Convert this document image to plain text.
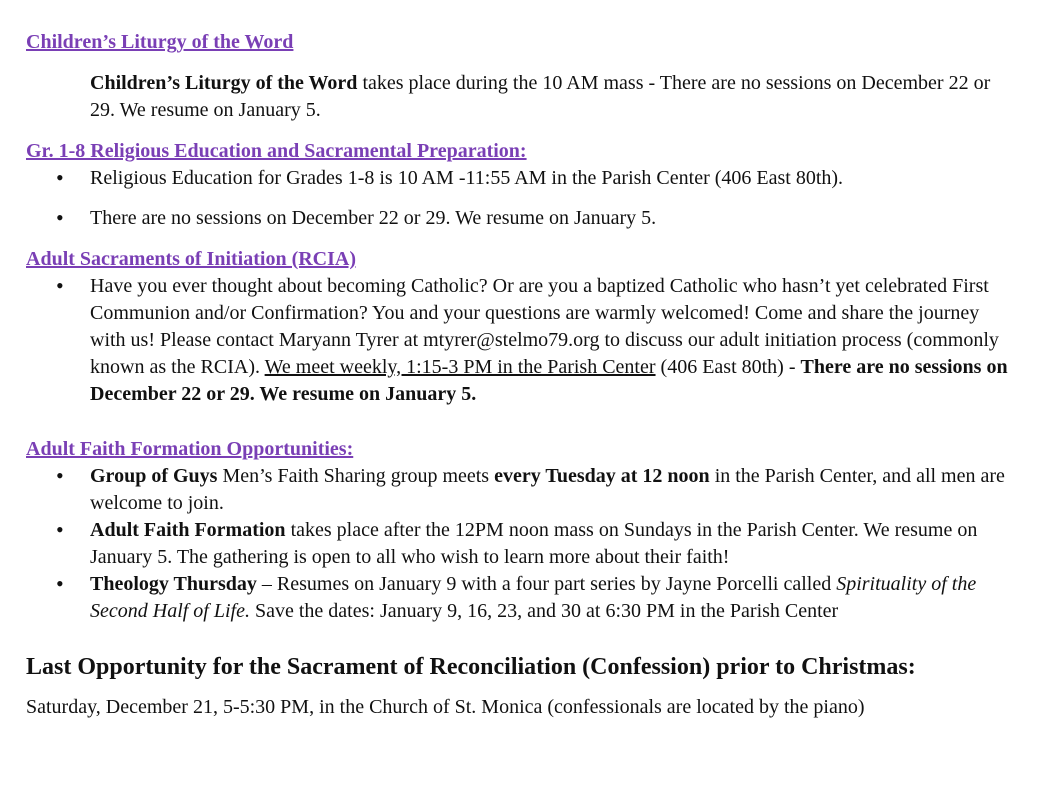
Children’s Liturgy of the Word

Children’s Liturgy of the Word takes place during the 10 AM mass - There are no sessions on December 22 or 29. We resume on January 5.

Gr. 1-8 Religious Education and Sacramental Preparation:
• Religious Education for Grades 1-8 is 10 AM -11:55 AM in the Parish Center (406 East 80th).
• There are no sessions on December 22 or 29. We resume on January 5.
Adult Sacraments of Initiation (RCIA)
• Have you ever thought about becoming Catholic? Or are you a baptized Catholic who hasn’t yet celebrated First Communion and/or Confirmation? You and your questions are warmly welcomed! Come and share the journey with us! Please contact Maryann Tyrer at mtyrer@stelmo79.org to discuss our adult initiation process (commonly known as the RCIA). We meet weekly, 1:15-3 PM in the Parish Center (406 East 80th) - There are no sessions on December 22 or 29. We resume on January 5.
Adult Faith Formation Opportunities:
• Group of Guys Men’s Faith Sharing group meets every Tuesday at 12 noon in the Parish Center, and all men are welcome to join.
• Adult Faith Formation takes place after the 12PM noon mass on Sundays in the Parish Center. We resume on January 5. The gathering is open to all who wish to learn more about their faith!
• Theology Thursday – Resumes on January 9 with a four part series by Jayne Porcelli called Spirituality of the Second Half of Life. Save the dates: January 9, 16, 23, and 30 at 6:30 PM in the Parish Center

Last Opportunity for the Sacrament of Reconciliation (Confession) prior to Christmas:

Saturday, December 21, 5-5:30 PM, in the Church of St. Monica (confessionals are located by the piano)
